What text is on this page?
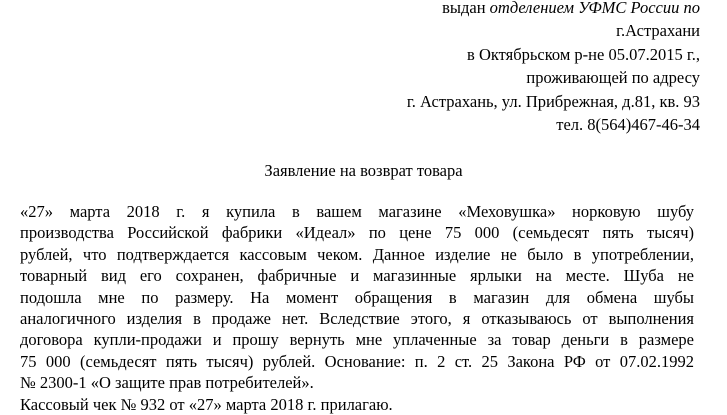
выдан отделением УФМС России по
г.Астрахани
в Октябрьском р-не 05.07.2015 г.,
проживающей по адресу
г. Астрахань, ул. Прибрежная, д.81, кв. 93
тел. 8(564)467-46-34
Заявление на возврат товара
«27» марта 2018 г. я купила в вашем магазине «Меховушка» норковую шубу
производства Российской фабрики «Идеал» по цене 75 000 (семьдесят пять тысяч)
рублей, что подтверждается кассовым чеком. Данное изделие не было в употреблении,
товарный вид его сохранен, фабричные и магазинные ярлыки на месте. Шуба не
подошла мне по размеру. На момент обращения в магазин для обмена шубы
аналогичного изделия в продаже нет. Вследствие этого, я отказываюсь от выполнения
договора купли-продажи и прошу вернуть мне уплаченные за товар деньги в размере
75 000 (семьдесят пять тысяч) рублей. Основание: п. 2 ст. 25 Закона РФ от 07.02.1992
№ 2300-1 «О защите прав потребителей».
Кассовый чек № 932 от «27» марта 2018 г. прилагаю.
